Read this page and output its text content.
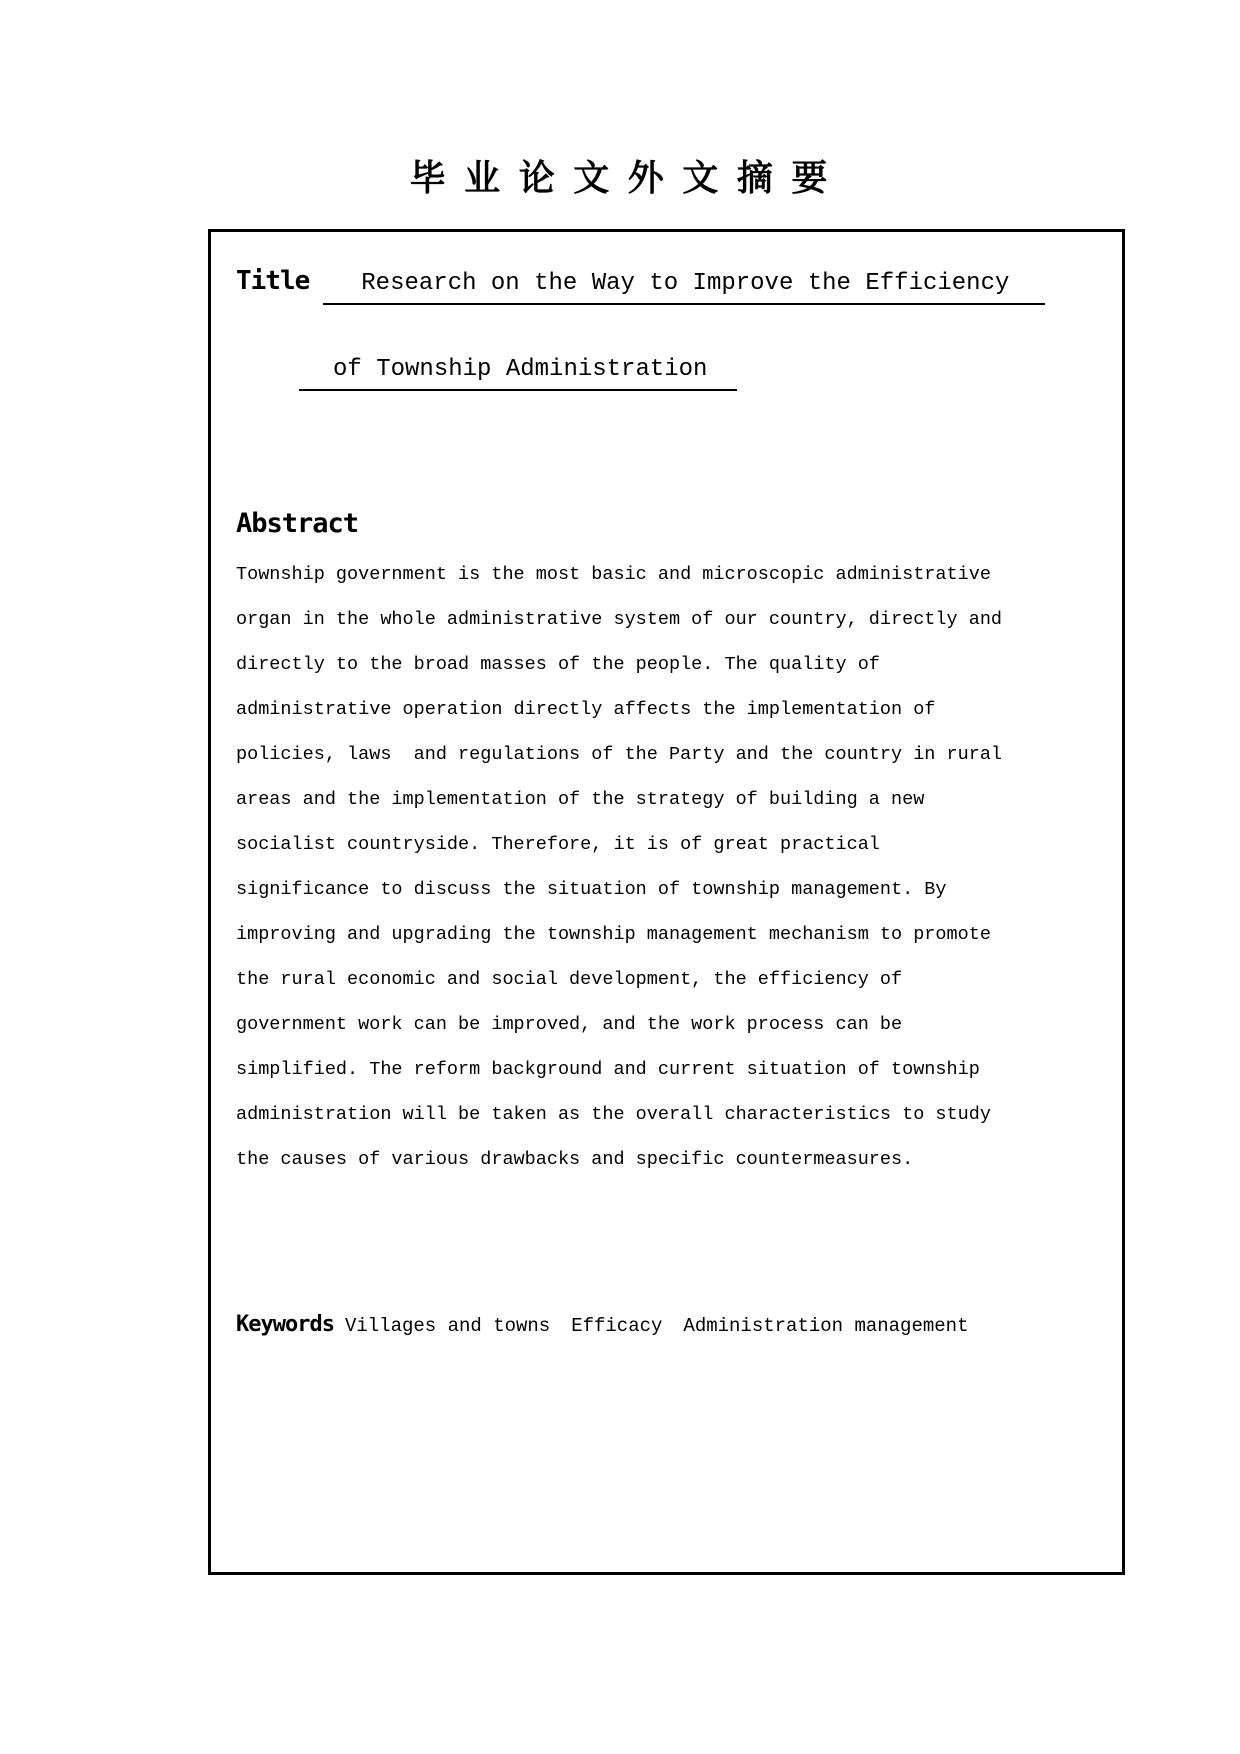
毕 业 论 文 外 文 摘 要
Title	Research on the Way to Improve the Efficiency
of Township Administration
Abstract
Township government is the most basic and microscopic administrative
organ in the whole administrative system of our country, directly and
directly to the broad masses of the people. The quality of
administrative operation directly affects the implementation of
policies, laws  and regulations of the Party and the country in rural
areas and the implementation of the strategy of building a new
socialist countryside. Therefore, it is of great practical
significance to discuss the situation of township management. By
improving and upgrading the township management mechanism to promote
the rural economic and social development, the efficiency of
government work can be improved, and the work process can be
simplified. The reform background and current situation of township
administration will be taken as the overall characteristics to study
the causes of various drawbacks and specific countermeasures.
Keywords Villages and towns Efficacy Administration management
